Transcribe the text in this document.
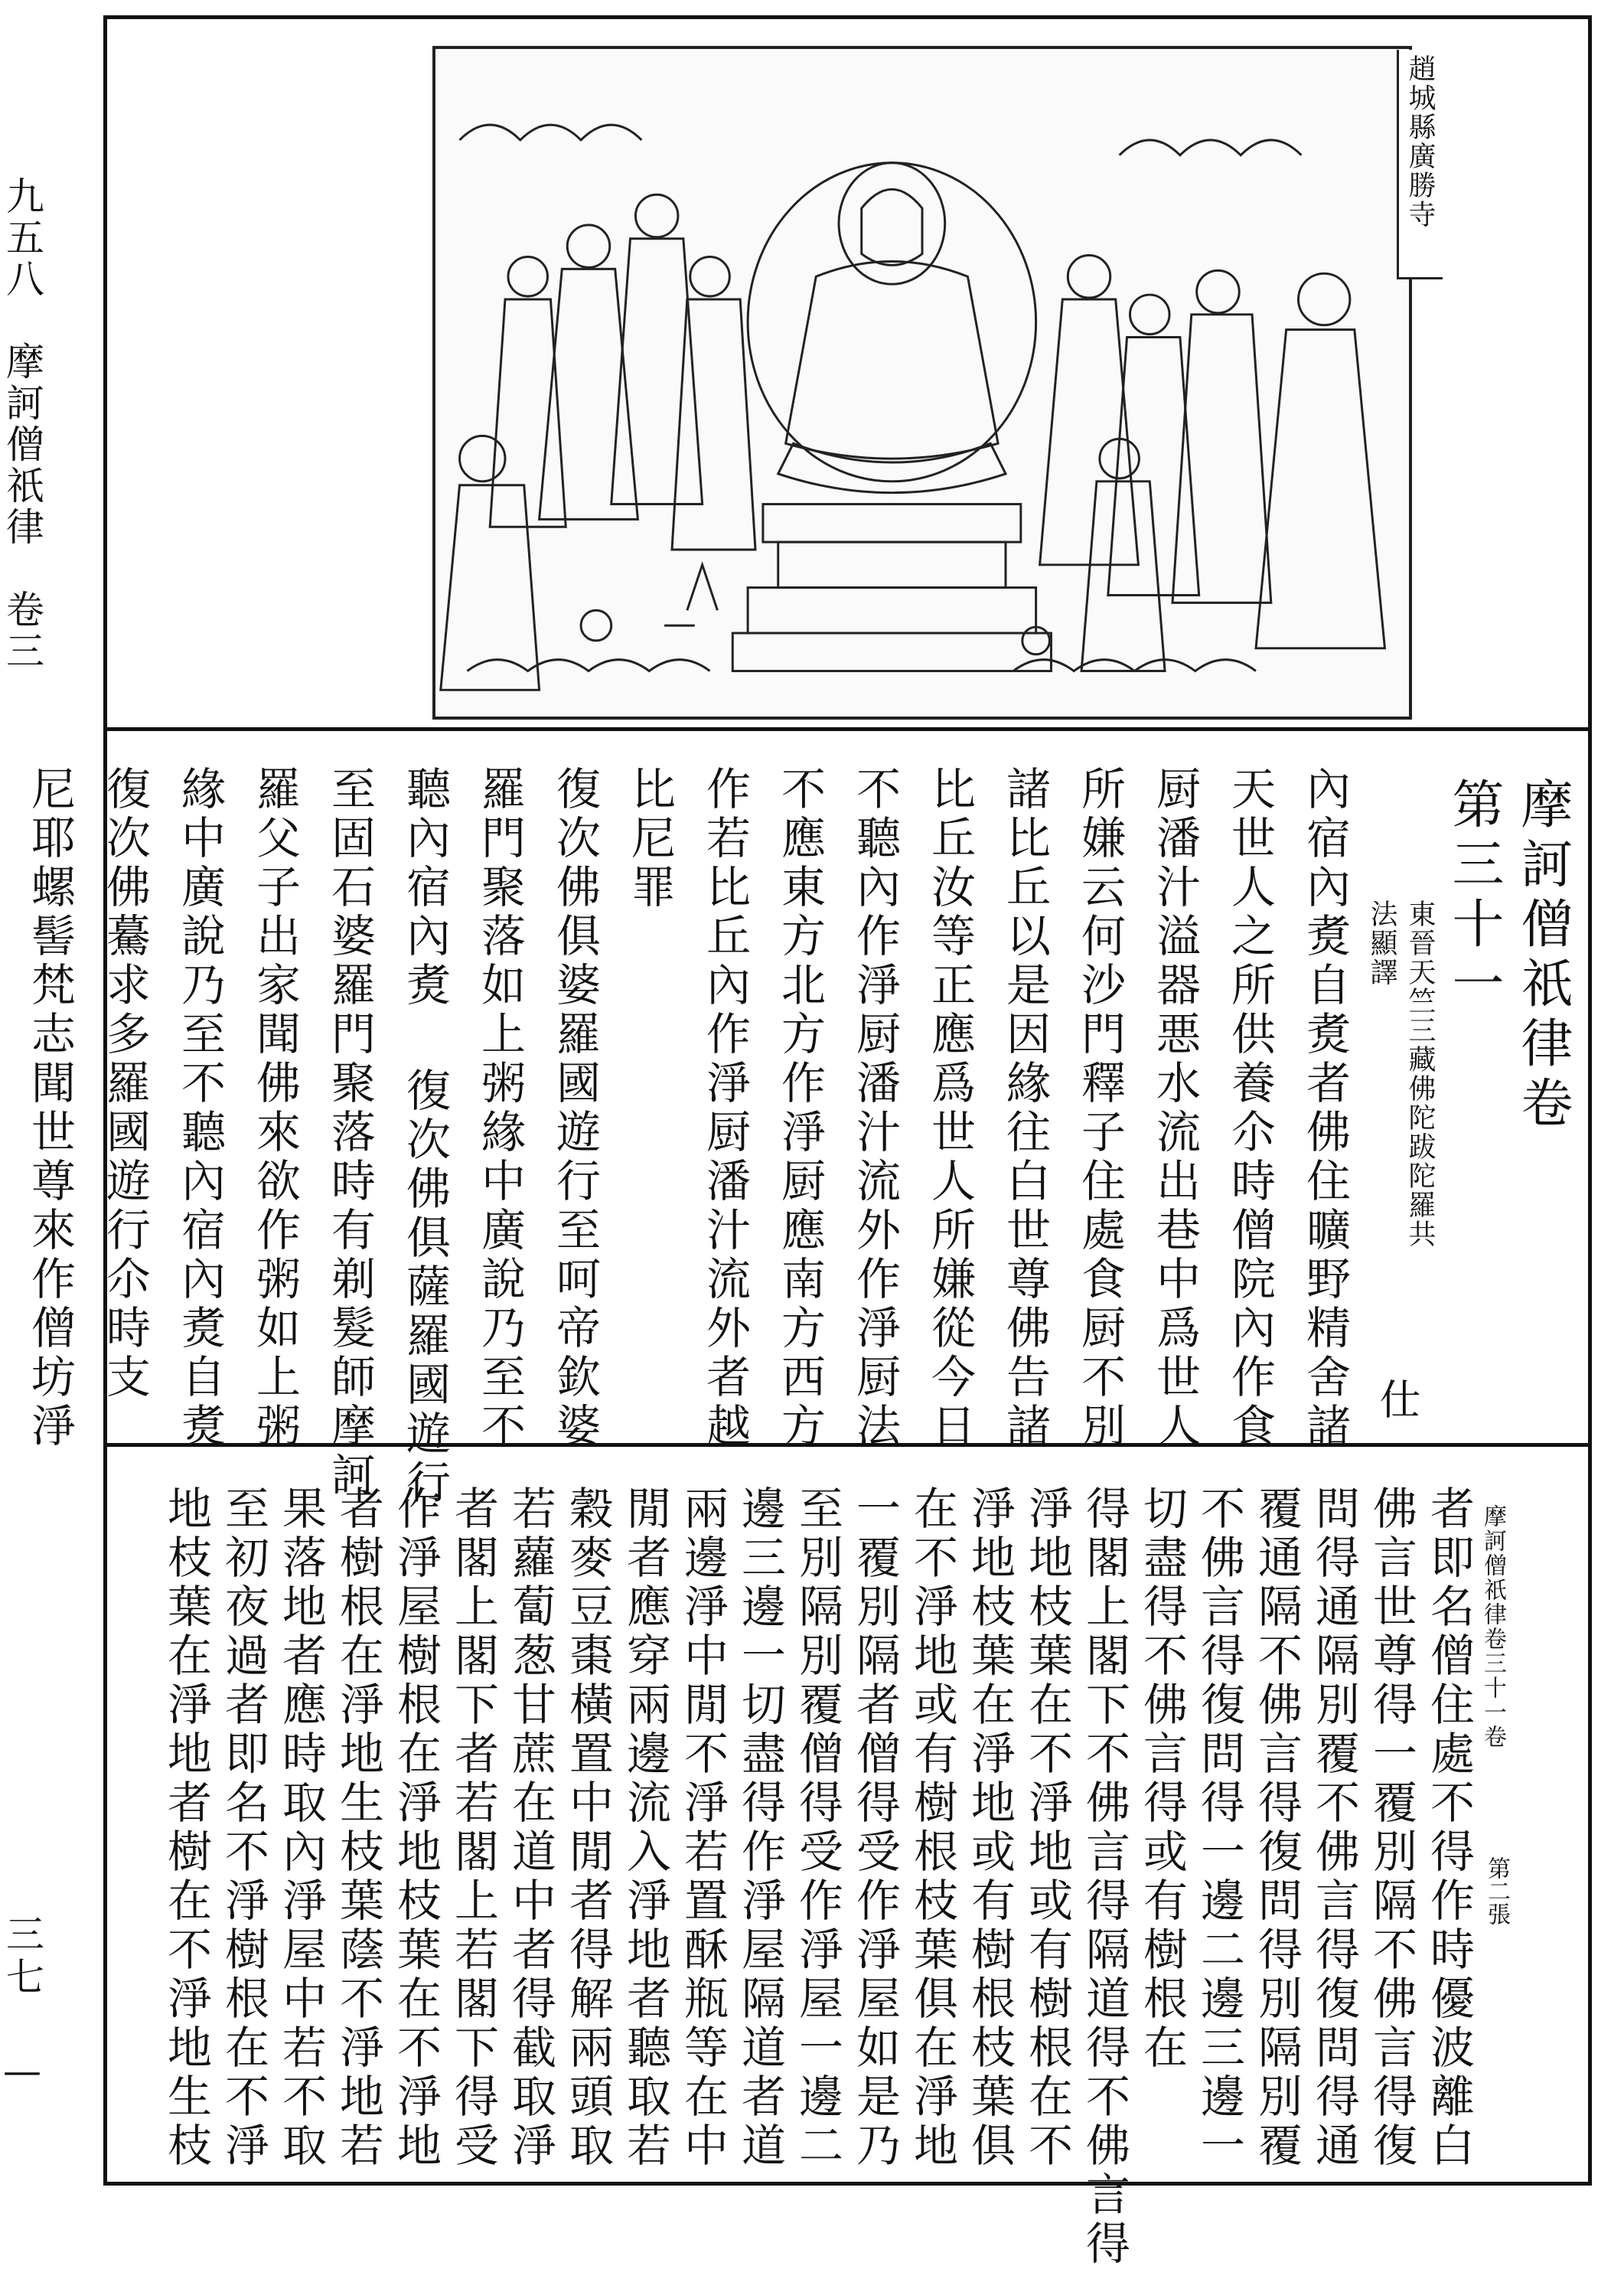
九五八　摩訶僧祇律　卷三
三七 —
趙城縣廣勝寺
摩訶僧祇律卷第三十一
東晉天竺三藏佛陀跋陀羅共法顯譯
仕
內宿內煑自煑者佛住曠野精舍諸
天世人之所供養尒時僧院內作食
厨潘汁溢器悪水流出巷中爲世人
所嫌云何沙門釋子住處食厨不別
諸比丘以是因緣往白世尊佛告諸
比丘汝等正應爲世人所嫌從今日
不聽內作淨厨潘汁流外作淨厨法
不應東方北方作淨厨應南方西方
作若比丘內作淨厨潘汁流外者越
比尼罪
復次佛俱婆羅國遊行至呵帝欽婆
羅門聚落如上粥緣中廣說乃至不
聽內宿內煑 復次佛俱薩羅國遊行
至固石婆羅門聚落時有剃髮師摩訶
羅父子出家聞佛來欲作粥如上粥
緣中廣說乃至不聽內宿內煑自煑
復次佛驀求多羅國遊行尒時支
尼耶螺髻梵志聞世尊來作僧坊淨
摩訶僧祇律卷三十一卷
第二張
者即名僧住處不得作時優波離白
佛言世尊得一覆別隔不佛言得復
問得通隔別覆不佛言得復問得通
覆通隔不佛言得復問得別隔別覆
不佛言得復問得一邊二邊三邊一
切盡得不佛言得或有樹根在
得閣上閣下不佛言得隔道得不佛言得
淨地枝葉在不淨地或有樹根在不
淨地枝葉在淨地或有樹根枝葉俱
在不淨地或有樹根枝葉俱在淨地
一覆別隔者僧得受作淨屋如是乃
至別隔別覆僧得受作淨屋一邊二
邊三邊一切盡得作淨屋隔道者道
兩邊淨中閒不淨若置酥瓶等在中
閒者應穿兩邊流入淨地者聽取若
穀麥豆棗橫置中閒者得解兩頭取
若蘿蔔葱甘蔗在道中者得截取淨
者閣上閣下者若閣上若閣下得受
作淨屋樹根在淨地枝葉在不淨地
者樹根在淨地生枝葉蔭不淨地若
果落地者應時取內淨屋中若不取
至初夜過者即名不淨樹根在不淨
地枝葉在淨地者樹在不淨地生枝
